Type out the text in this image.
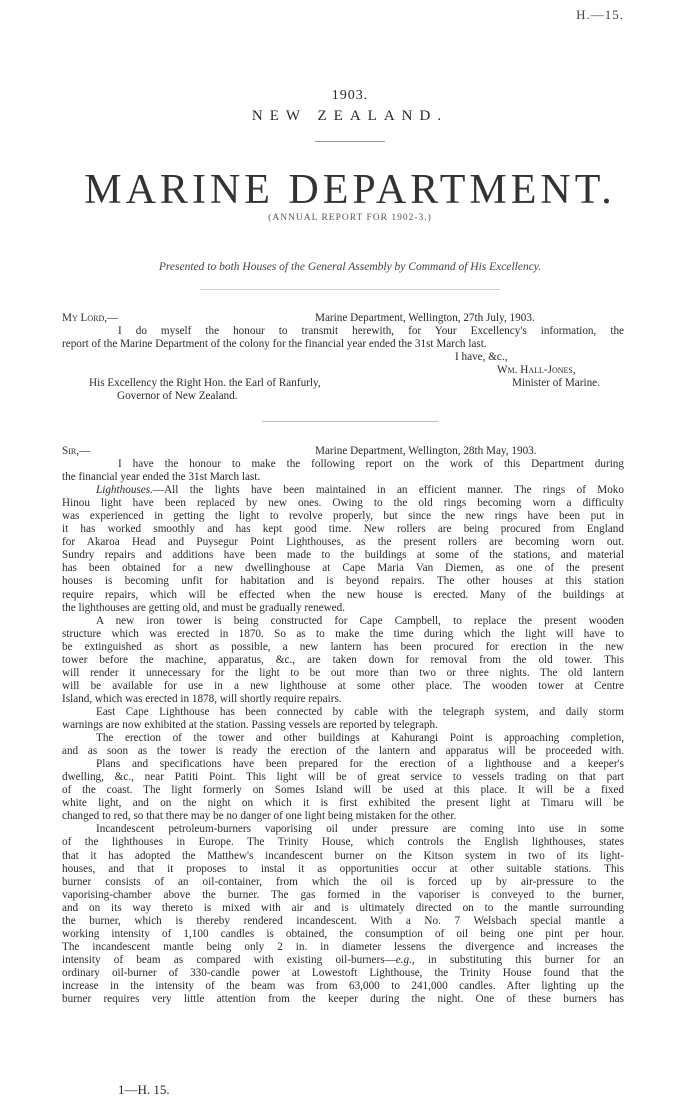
H.—15.
1903.
NEW ZEALAND.
MARINE DEPARTMENT.
(ANNUAL REPORT FOR 1902-3.)
Presented to both Houses of the General Assembly by Command of His Excellency.
My Lord,—	Marine Department, Wellington, 27th July, 1903.
I do myself the honour to transmit herewith, for Your Excellency's information, the
report of the Marine Department of the colony for the financial year ended the 31st March last.
I have, &c.,
Wm. Hall-Jones,
His Excellency the Right Hon. the Earl of Ranfurly,	Minister of Marine.
Governor of New Zealand.
Sir,—	Marine Department, Wellington, 28th May, 1903.
I have the honour to make the following report on the work of this Department during
the financial year ended the 31st March last.
Lighthouses.—All the lights have been maintained in an efficient manner. The rings of Moko
Hinou light have been replaced by new ones. Owing to the old rings becoming worn a difficulty
was experienced in getting the light to revolve properly, but since the new rings have been put in
it has worked smoothly and has kept good time. New rollers are being procured from England
for Akaroa Head and Puysegur Point Lighthouses, as the present rollers are becoming worn out.
Sundry repairs and additions have been made to the buildings at some of the stations, and material
has been obtained for a new dwellinghouse at Cape Maria Van Diemen, as one of the present
houses is becoming unfit for habitation and is beyond repairs. The other houses at this station
require repairs, which will be effected when the new house is erected. Many of the buildings at
the lighthouses are getting old, and must be gradually renewed.
A new iron tower is being constructed for Cape Campbell, to replace the present wooden
structure which was erected in 1870. So as to make the time during which the light will have to
be extinguished as short as possible, a new lantern has been procured for erection in the new
tower before the machine, apparatus, &c., are taken down for removal from the old tower. This
will render it unnecessary for the light to be out more than two or three nights. The old lantern
will be available for use in a new lighthouse at some other place. The wooden tower at Centre
Island, which was erected in 1878, will shortly require repairs.
East Cape Lighthouse has been connected by cable with the telegraph system, and daily storm
warnings are now exhibited at the station. Passing vessels are reported by telegraph.
The erection of the tower and other buildings at Kahurangi Point is approaching completion,
and as soon as the tower is ready the erection of the lantern and apparatus will be proceeded with.
Plans and specifications have been prepared for the erection of a lighthouse and a keeper's
dwelling, &c., near Patiti Point. This light will be of great service to vessels trading on that part
of the coast. The light formerly on Somes Island will be used at this place. It will be a fixed
white light, and on the night on which it is first exhibited the present light at Timaru will be
changed to red, so that there may be no danger of one light being mistaken for the other.
Incandescent petroleum-burners vaporising oil under pressure are coming into use in some
of the lighthouses in Europe. The Trinity House, which controls the English lighthouses, states
that it has adopted the Matthew's incandescent burner on the Kitson system in two of its light-
houses, and that it proposes to instal it as opportunities occur at other suitable stations. This
burner consists of an oil-container, from which the oil is forced up by air-pressure to the
vaporising-chamber above the burner. The gas formed in the vaporiser is conveyed to the burner,
and on its way thereto is mixed with air and is ultimately directed on to the mantle surrounding
the burner, which is thereby rendered incandescent. With a No. 7 Welsbach special mantle a
working intensity of 1,100 candles is obtained, the consumption of oil being one pint per hour.
The incandescent mantle being only 2 in. in diameter lessens the divergence and increases the
intensity of beam as compared with existing oil-burners—e.g., in substituting this burner for an
ordinary oil-burner of 330-candle power at Lowestoft Lighthouse, the Trinity House found that the
increase in the intensity of the beam was from 63,000 to 241,000 candles. After lighting up the
burner requires very little attention from the keeper during the night. One of these burners has
1—H. 15.
